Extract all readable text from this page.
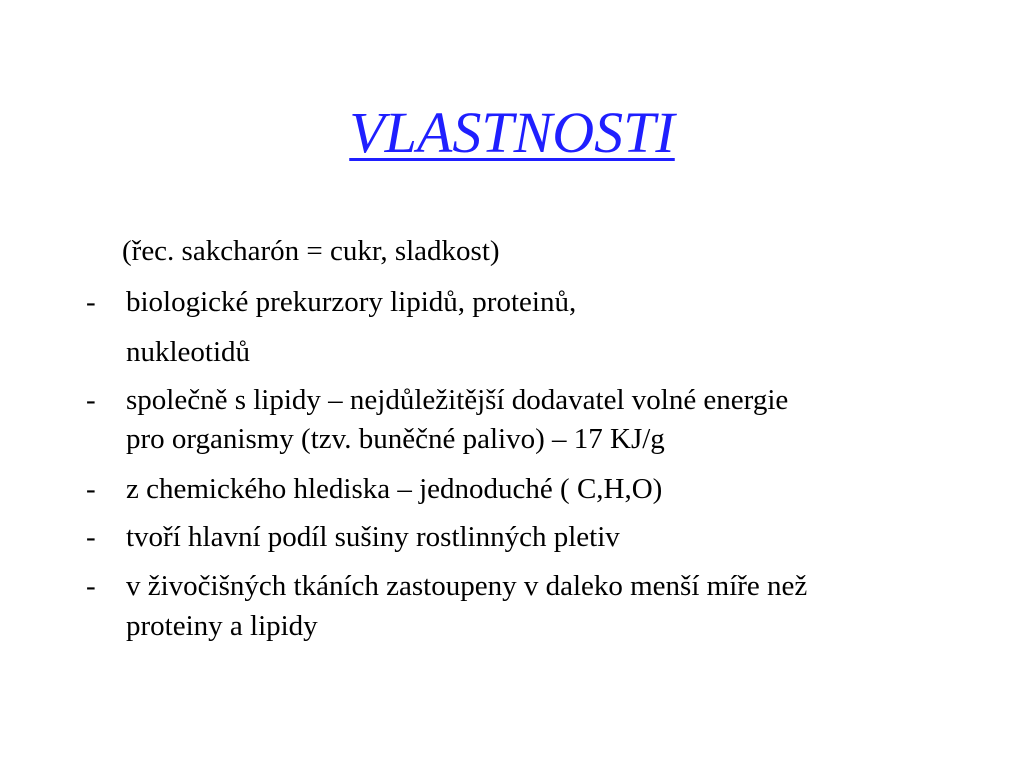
VLASTNOSTI
(řec. sakcharón = cukr, sladkost)
- biologické prekurzory lipidů, proteinů,
nukleotidů
- společně s lipidy – nejdůležitější dodavatel volné energie
pro organismy (tzv. buněčné palivo) – 17 KJ/g
- z chemického hlediska – jednoduché ( C,H,O)
- tvoří hlavní podíl sušiny rostlinných pletiv
- v živočišných tkáních zastoupeny v daleko menší míře než
proteiny a lipidy
